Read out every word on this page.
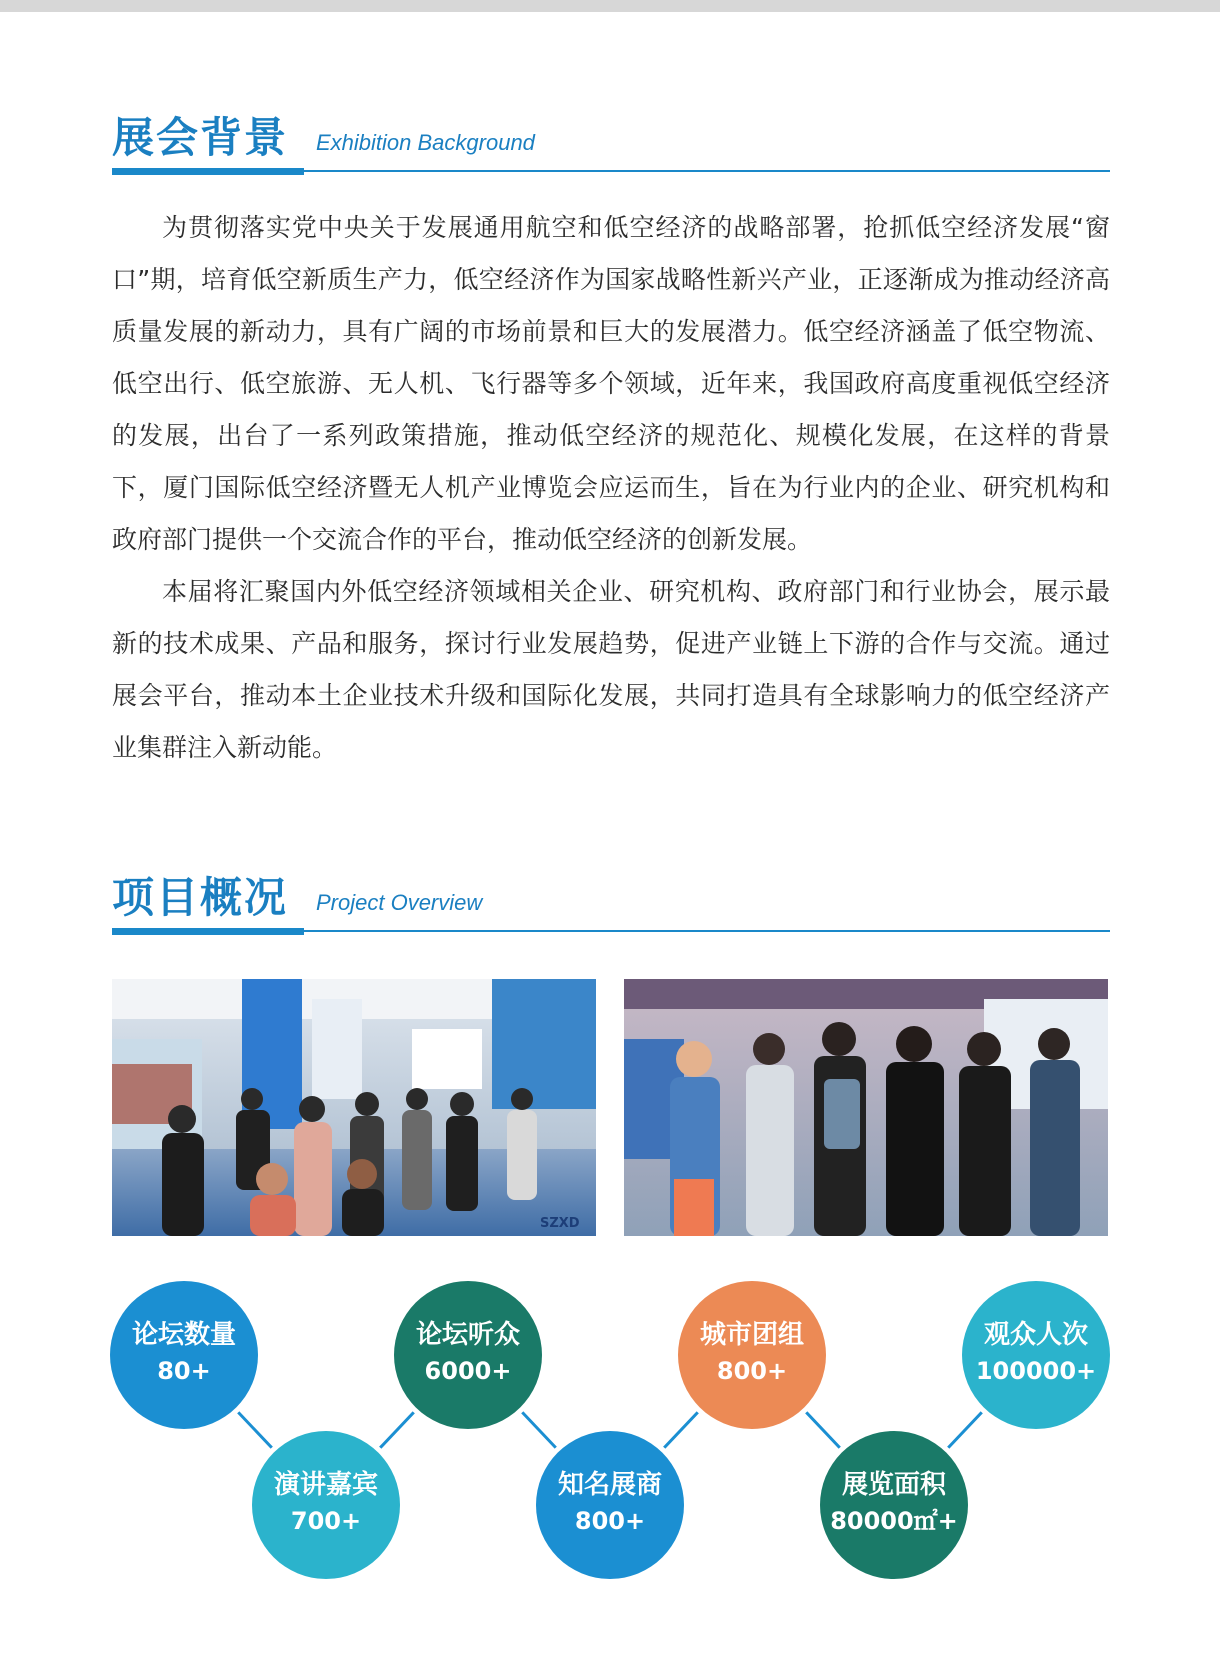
展会背景 Exhibition Background

为贯彻落实党中央关于发展通用航空和低空经济的战略部署，抢抓低空经济发展“窗口”期，培育低空新质生产力，低空经济作为国家战略性新兴产业，正逐渐成为推动经济高质量发展的新动力，具有广阔的市场前景和巨大的发展潜力。低空经济涵盖了低空物流、低空出行、低空旅游、无人机、飞行器等多个领域，近年来，我国政府高度重视低空经济的发展，出台了一系列政策措施，推动低空经济的规范化、规模化发展，在这样的背景下，厦门国际低空经济暨无人机产业博览会应运而生，旨在为行业内的企业、研究机构和政府部门提供一个交流合作的平台，推动低空经济的创新发展。

本届将汇聚国内外低空经济领域相关企业、研究机构、政府部门和行业协会，展示最新的技术成果、产品和服务，探讨行业发展趋势，促进产业链上下游的合作与交流。通过展会平台，推动本土企业技术升级和国际化发展，共同打造具有全球影响力的低空经济产业集群注入新动能。

项目概况 Project Overview
SZXD
论坛数量
80+
演讲嘉宾
700+
论坛听众
6000+
知名展商
800+
城市团组
800+
展览面积
80000㎡+
观众人次
100000+
